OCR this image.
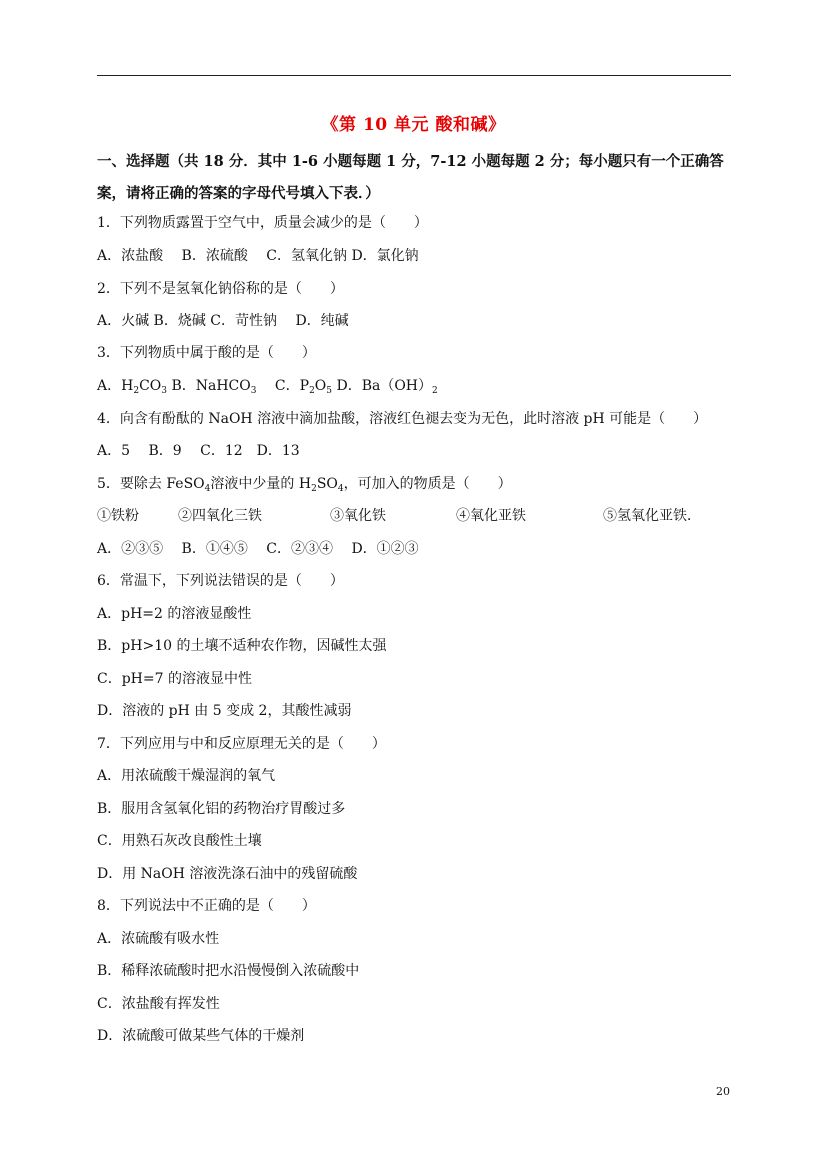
《第 10 单元 酸和碱》
一、选择题（共 18 分．其中 1-6 小题每题 1 分，7-12 小题每题 2 分；每小题只有一个正确答案，请将正确的答案的字母代号填入下表．）
1．下列物质露置于空气中，质量会减少的是（　　）
A．浓盐酸　 B．浓硫酸　 C．氢氧化钠 D．氯化钠
2．下列不是氢氧化钠俗称的是（　　）
A．火碱 B．烧碱 C．苛性钠　 D．纯碱
3．下列物质中属于酸的是（　　）
A．$H_2CO_3$ B．NaHCO$_3$　 C．$P_2O_5$ D．$Ba(OH)_2$
4．向含有酚酞的 NaOH 溶液中滴加盐酸，溶液红色褪去变为无色，此时溶液 pH 可能是（　　）
A．5　 B．9　 C．12　D．13
5．要除去 FeSO$_4$溶液中少量的 $H_2SO_4$，可加入的物质是（　　）
①铁粉	②四氧化三铁	③氧化铁	④氧化亚铁	⑤氢氧化亚铁．
A．②③⑤　 B．①④⑤　 C．②③④　 D．①②③
6．常温下，下列说法错误的是（　　）
A．pH=2 的溶液显酸性
B．pH>10 的土壤不适种农作物，因碱性太强
C．pH=7 的溶液显中性
D．溶液的 pH 由 5 变成 2，其酸性减弱
7．下列应用与中和反应原理无关的是（　　）
A．用浓硫酸干燥湿润的氧气
B．服用含氢氧化铝的药物治疗胃酸过多
C．用熟石灰改良酸性土壤
D．用 NaOH 溶液洗涤石油中的残留硫酸
8．下列说法中不正确的是（　　）
A．浓硫酸有吸水性
B．稀释浓硫酸时把水沿慢慢倒入浓硫酸中
C．浓盐酸有挥发性
D．浓硫酸可做某些气体的干燥剂
20
